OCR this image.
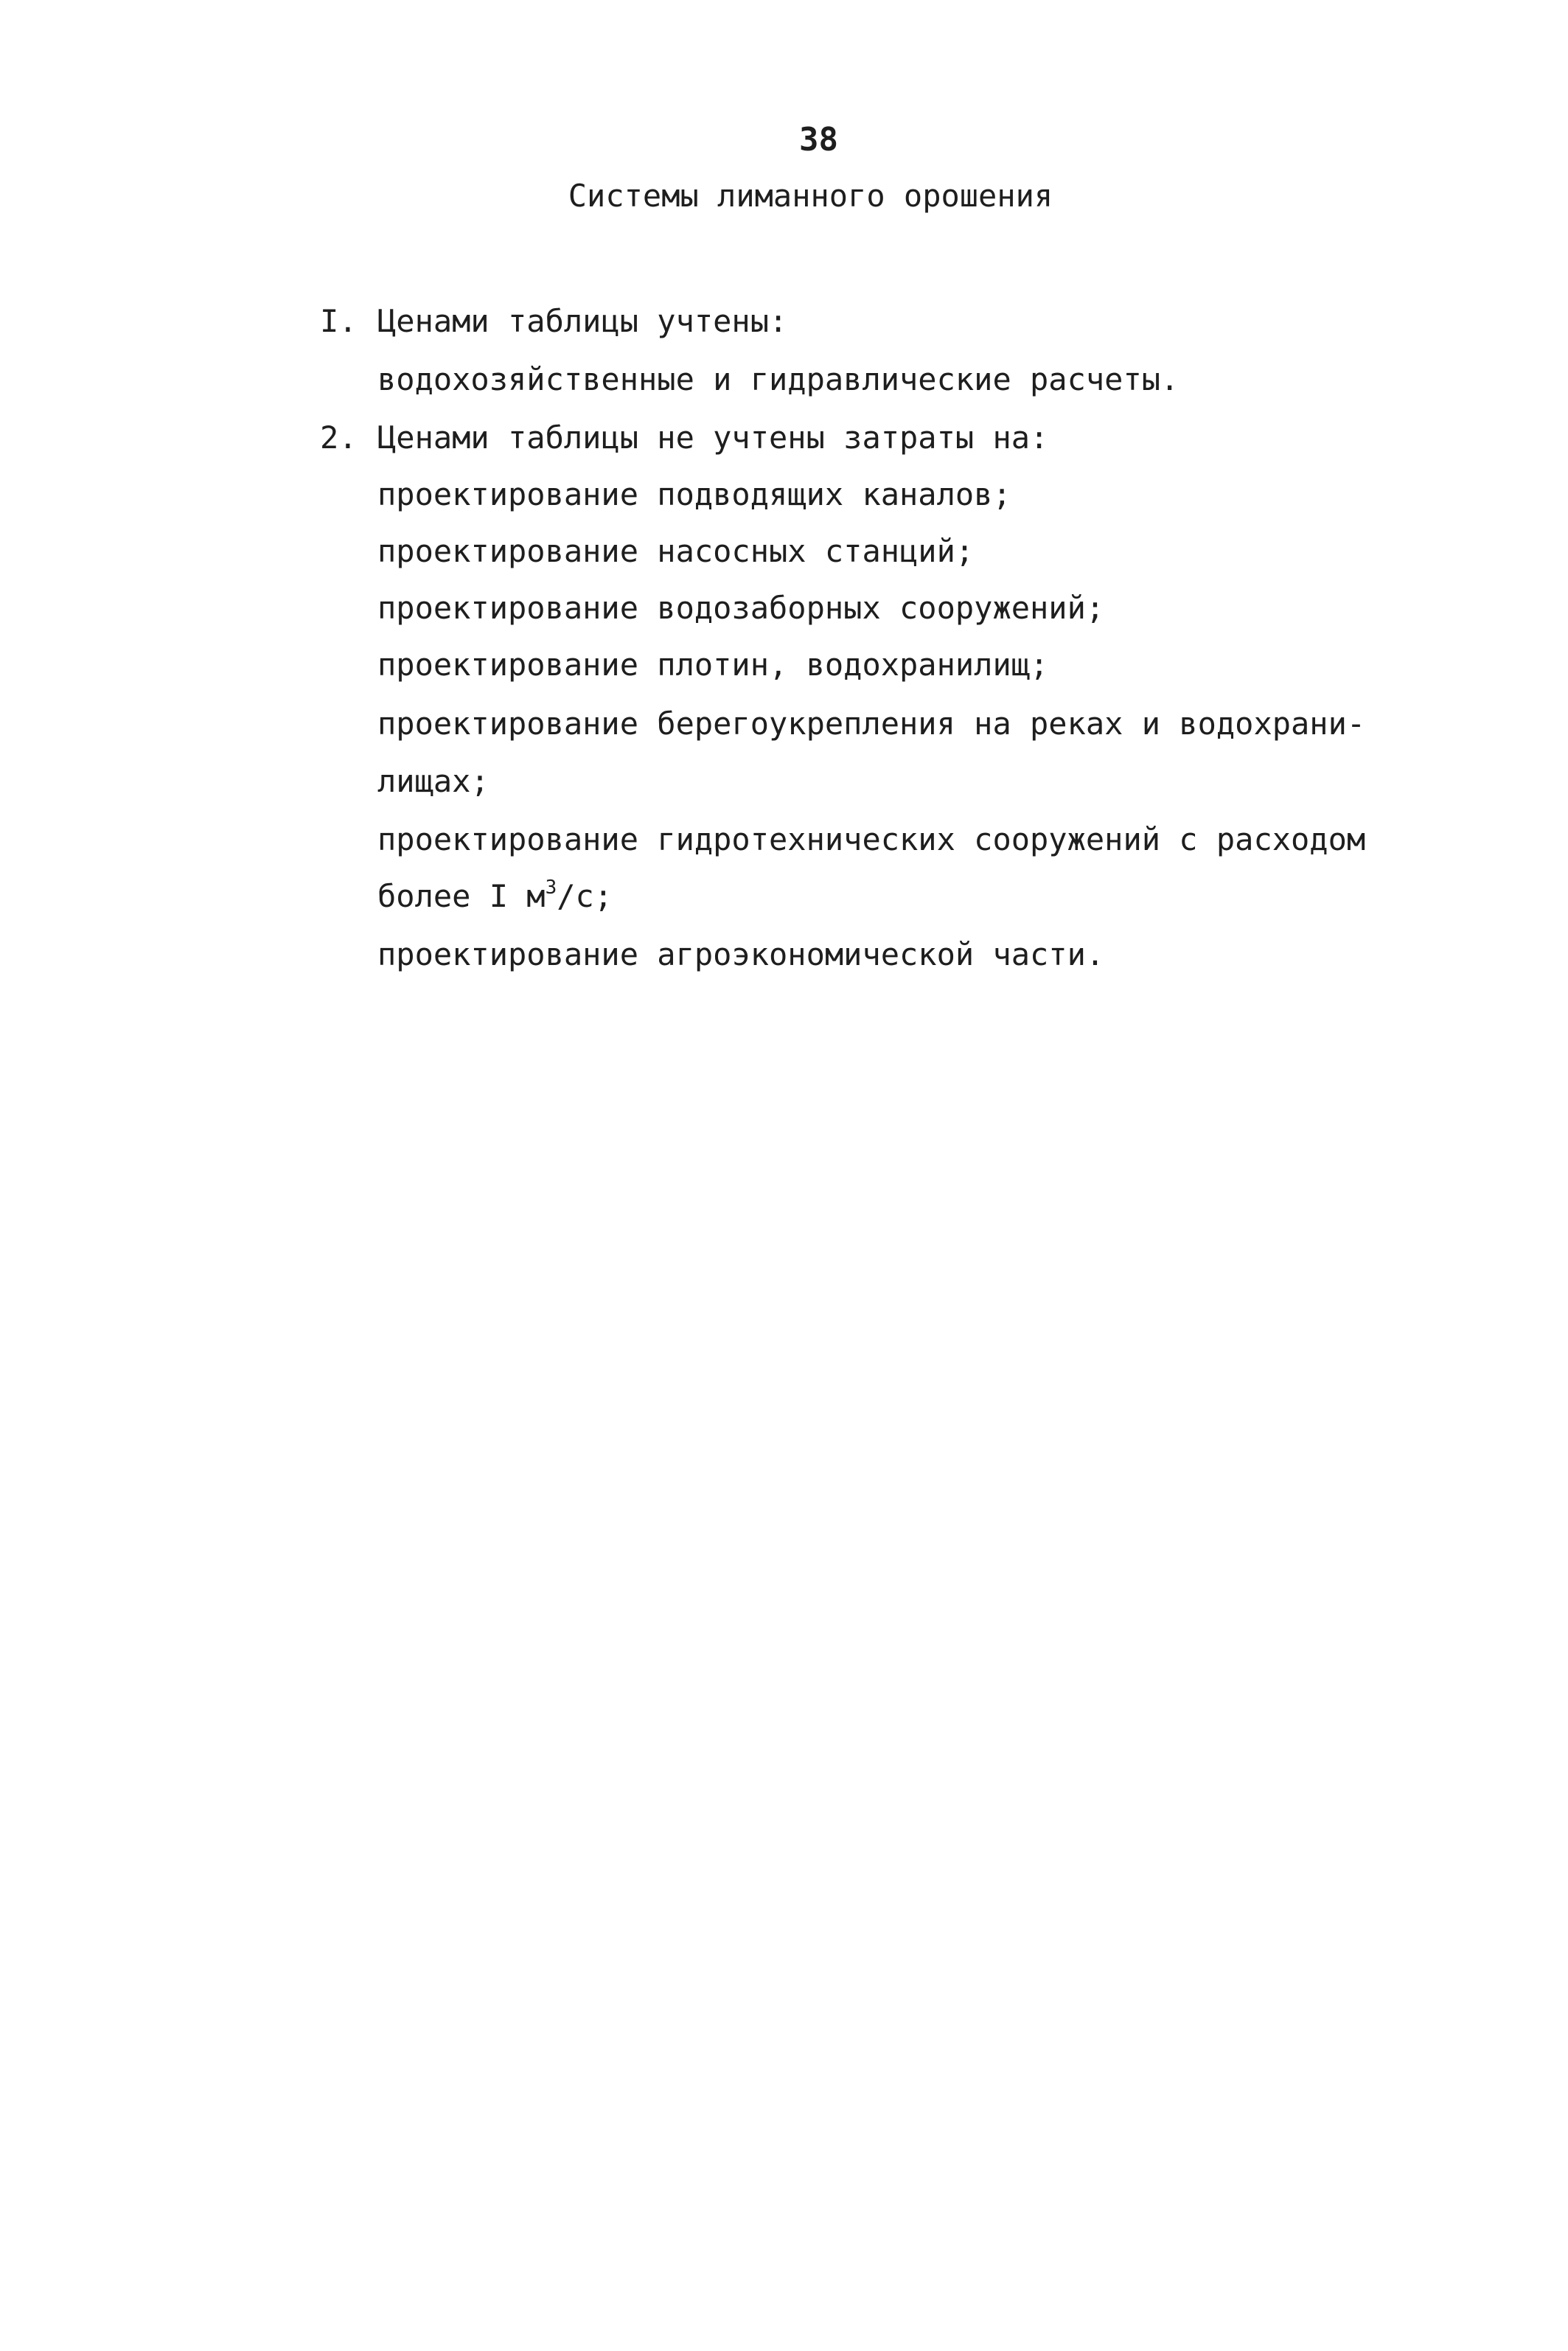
38
Системы лиманного орошения
I. Ценами таблицы учтены:
водохозяйственные и гидравлические расчеты.
2. Ценами таблицы не учтены затраты на:
проектирование подводящих каналов;
проектирование насосных станций;
проектирование водозаборных сооружений;
проектирование плотин, водохранилищ;
проектирование берегоукрепления на реках и водохрани-
лищах;
проектирование гидротехнических сооружений с расходом
более I $м^3/с$;
проектирование агроэкономической части.
